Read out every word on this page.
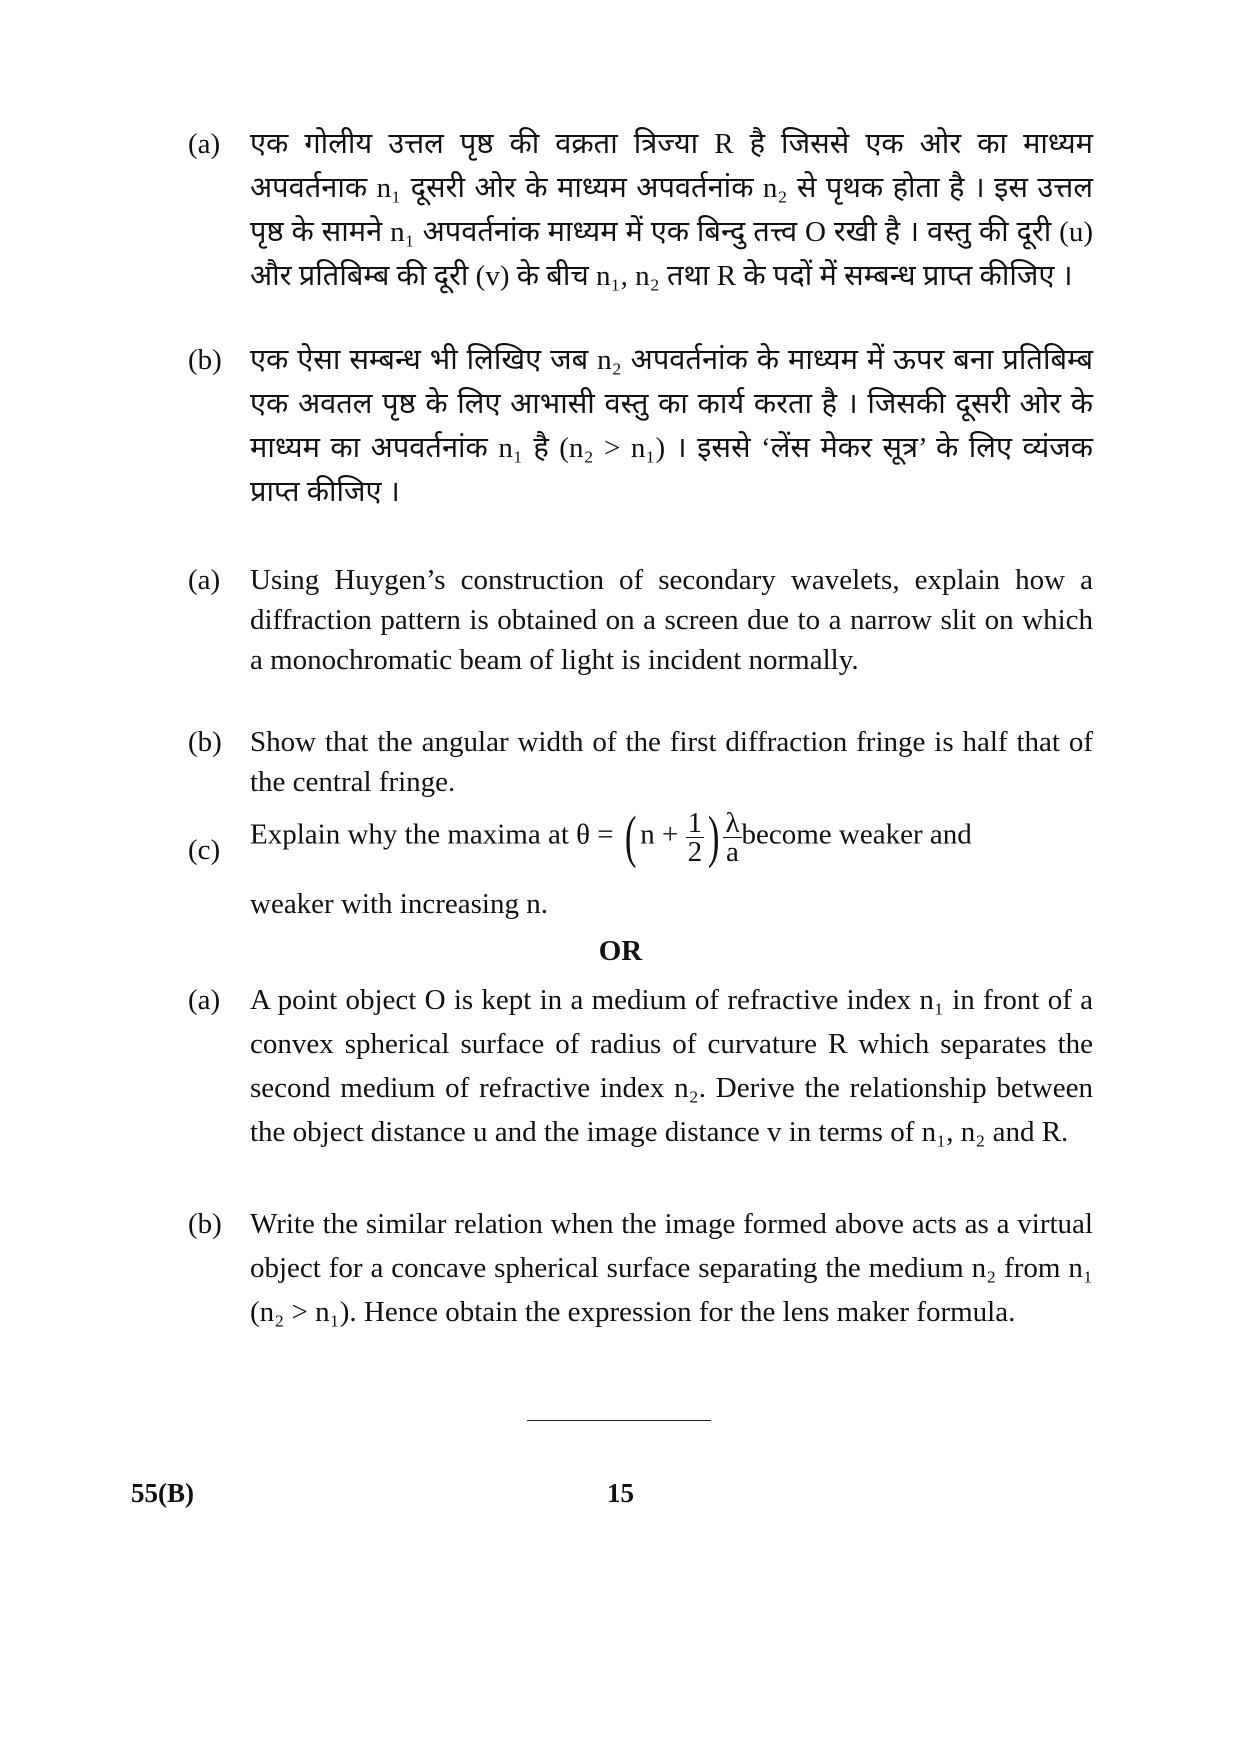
(a)	एक गोलीय उत्तल पृष्ठ की वक्रता त्रिज्या R है जिससे एक ओर का माध्यम अपवर्तनाक n₁ दूसरी ओर के माध्यम अपवर्तनांक n₂ से पृथक होता है । इस उत्तल पृष्ठ के सामने n₁ अपवर्तनांक माध्यम में एक बिन्दु तत्त्व O रखी है । वस्तु की दूरी (u) और प्रतिबिम्ब की दूरी (v) के बीच n₁, n₂ तथा R के पदों में सम्बन्ध प्राप्त कीजिए ।
(b) एक ऐसा सम्बन्ध भी लिखिए जब n₂ अपवर्तनांक के माध्यम में ऊपर बना प्रतिबिम्ब एक अवतल पृष्ठ के लिए आभासी वस्तु का कार्य करता है । जिसकी दूसरी ओर के माध्यम का अपवर्तनांक n₁ है (n₂ > n₁) । इससे ‘लेंस मेकर सूत्र’ के लिए व्यंजक प्राप्त कीजिए ।
(a)	Using Huygen’s construction of secondary wavelets, explain how a diffraction pattern is obtained on a screen due to a narrow slit on which a monochromatic beam of light is incident normally.
(b) Show that the angular width of the first diffraction fringe is half that of the central fringe.
(c)	Explain why the maxima at θ = ( $n + \frac{1}{2}$ ) $\frac{\lambda}{a}$ become weaker and
weaker with increasing n.
OR
(a)	A point object O is kept in a medium of refractive index n₁ in front of a convex spherical surface of radius of curvature R which separates the second medium of refractive index n₂. Derive the relationship between the object distance u and the image distance v in terms of n₁, n₂ and R.
(b) Write the similar relation when the image formed above acts as a virtual object for a concave spherical surface separating the medium n₂ from n₁ (n₂ > n₁). Hence obtain the expression for the lens maker formula.
55(B)	15
